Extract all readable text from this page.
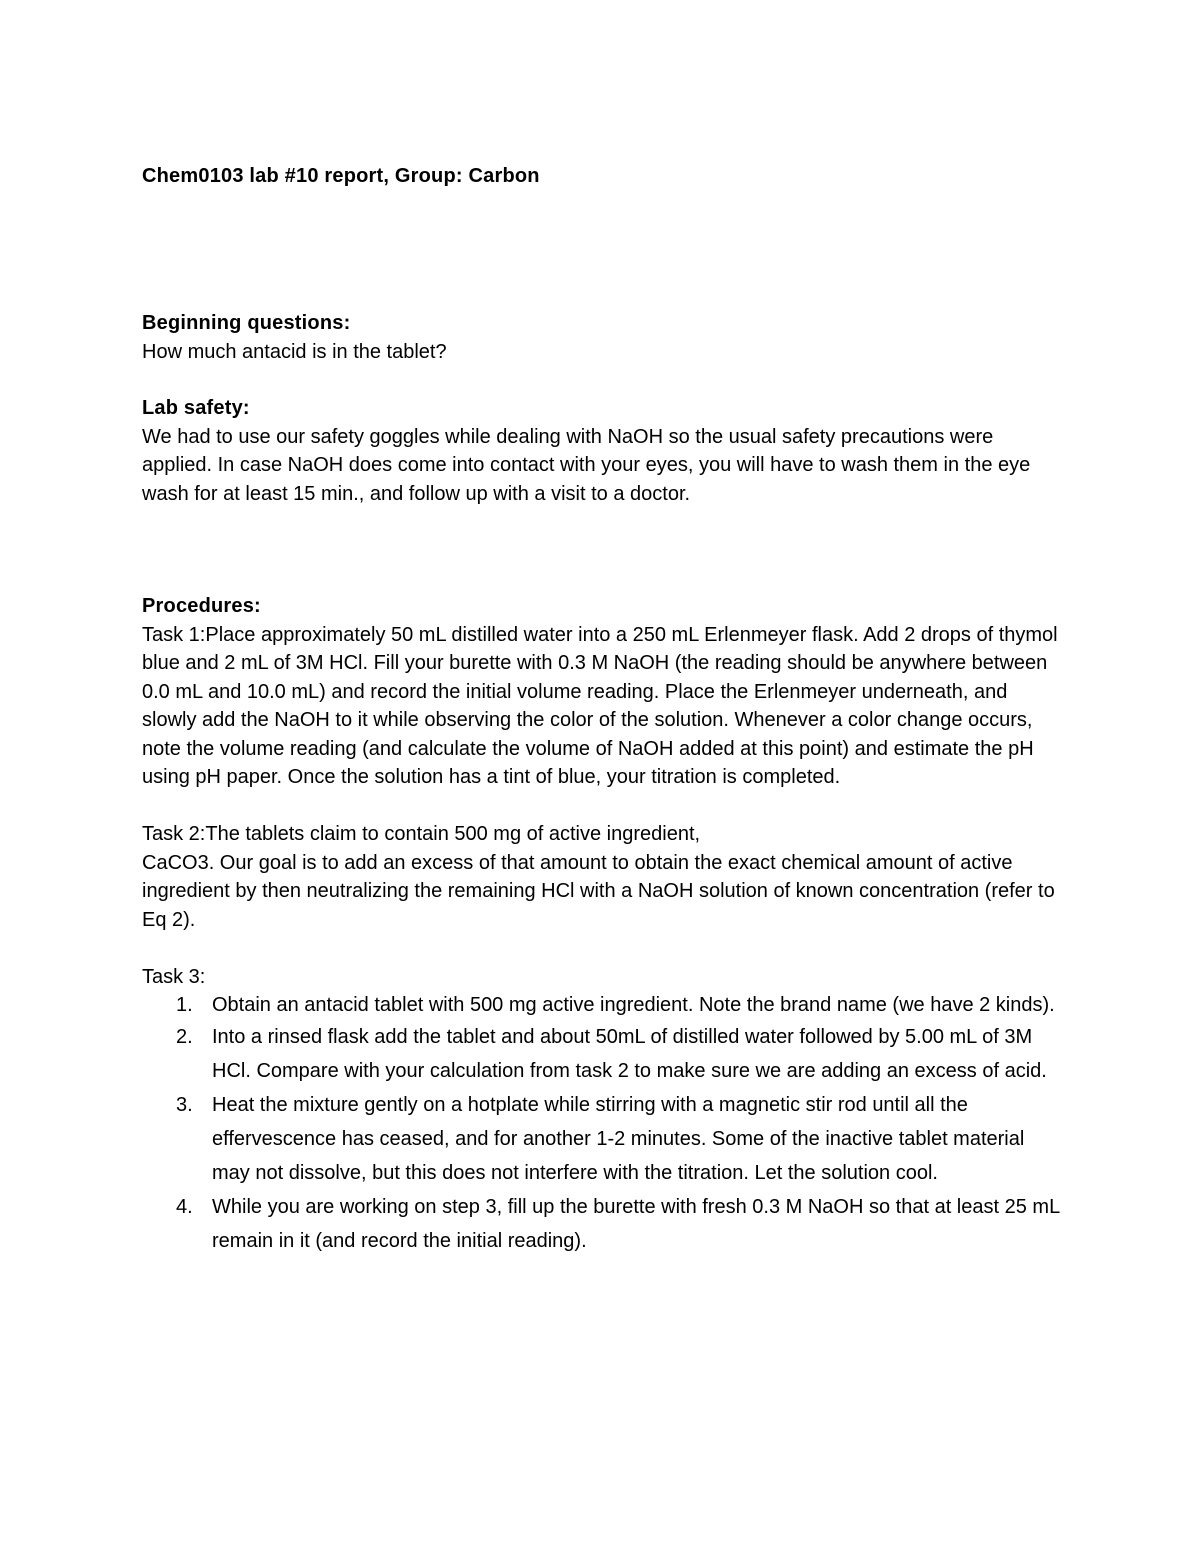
Chem0103 lab #10 report, Group: Carbon
Beginning questions:

How much antacid is in the tablet?

Lab safety:

We had to use our safety goggles while dealing with NaOH so the usual safety precautions were applied. In case NaOH does come into contact with your eyes, you will have to wash them in the eye wash for at least 15 min., and follow up with a visit to a doctor.

Procedures:

Task 1:Place approximately 50 mL distilled water into a 250 mL Erlenmeyer flask. Add 2 drops of thymol blue and 2 mL of 3M HCl. Fill your burette with 0.3 M NaOH (the reading should be anywhere between 0.0 mL and 10.0 mL) and record the initial volume reading. Place the Erlenmeyer underneath, and slowly add the NaOH to it while observing the color of the solution. Whenever a color change occurs, note the volume reading (and calculate the volume of NaOH added at this point) and estimate the pH using pH paper. Once the solution has a tint of blue, your titration is completed.

Task 2:The tablets claim to contain 500 mg of active ingredient,

CaCO3. Our goal is to add an excess of that amount to obtain the exact chemical amount of active ingredient by then neutralizing the remaining HCl with a NaOH solution of known concentration (refer to Eq 2).

Task 3:

1. Obtain an antacid tablet with 500 mg active ingredient. Note the brand name (we have 2 kinds).
2. Into a rinsed flask add the tablet and about 50mL of distilled water followed by 5.00 mL of 3M HCl. Compare with your calculation from task 2 to make sure we are adding an excess of acid.
3. Heat the mixture gently on a hotplate while stirring with a magnetic stir rod until all the effervescence has ceased, and for another 1-2 minutes. Some of the inactive tablet material may not dissolve, but this does not interfere with the titration. Let the solution cool.
4. While you are working on step 3, fill up the burette with fresh 0.3 M NaOH so that at least 25 mL remain in it (and record the initial reading).
